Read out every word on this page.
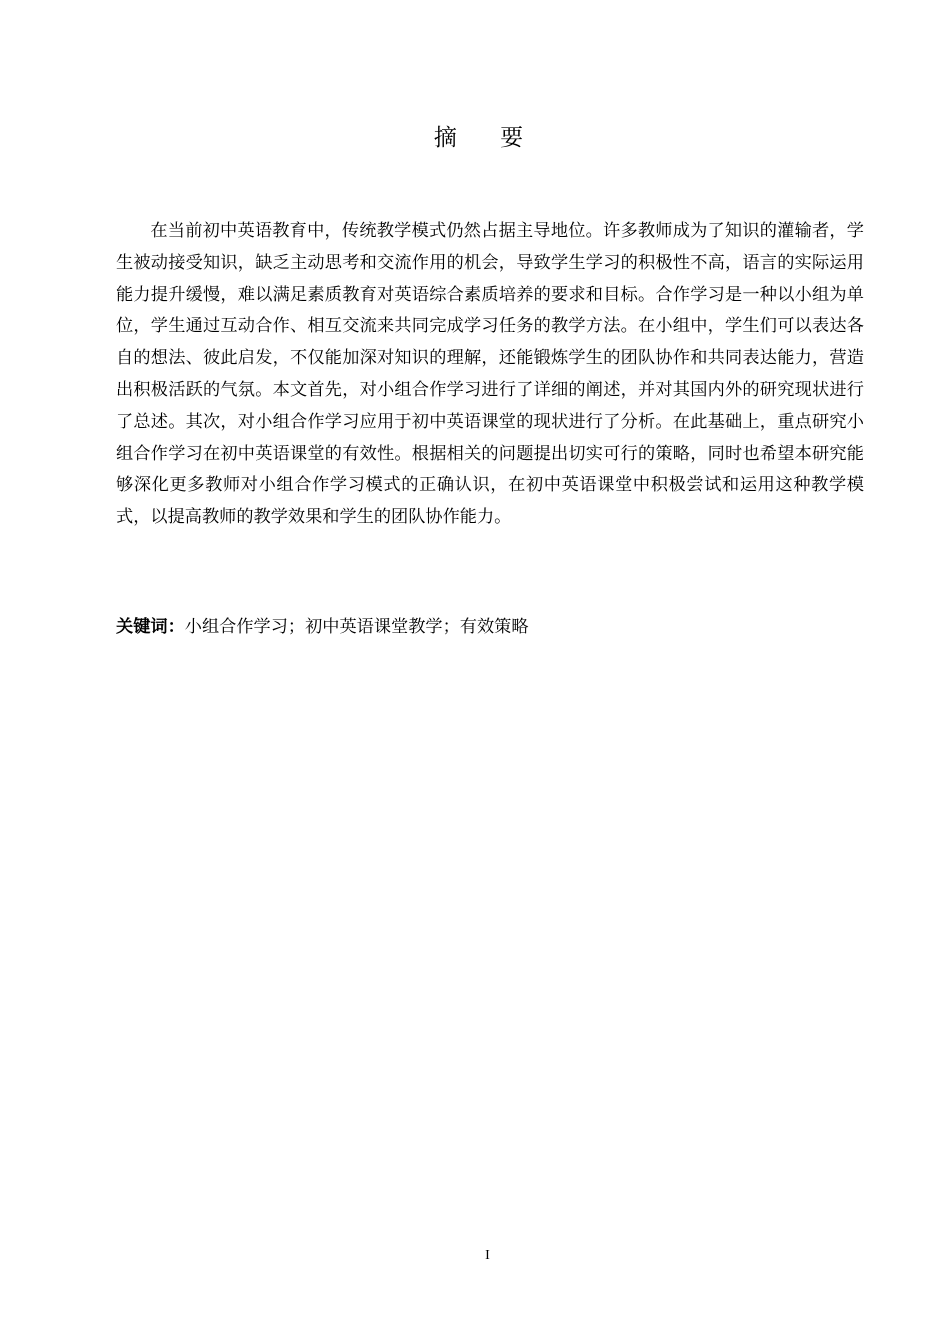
摘 要

在当前初中英语教育中，传统教学模式仍然占据主导地位。许多教师成为了知识的灌输者，学生被动接受知识，缺乏主动思考和交流作用的机会，导致学生学习的积极性不高，语言的实际运用能力提升缓慢，难以满足素质教育对英语综合素质培养的要求和目标。合作学习是一种以小组为单位，学生通过互动合作、相互交流来共同完成学习任务的教学方法。在小组中，学生们可以表达各自的想法、彼此启发，不仅能加深对知识的理解，还能锻炼学生的团队协作和共同表达能力，营造出积极活跃的气氛。本文首先，对小组合作学习进行了详细的阐述，并对其国内外的研究现状进行了总述。其次，对小组合作学习应用于初中英语课堂的现状进行了分析。在此基础上，重点研究小组合作学习在初中英语课堂的有效性。根据相关的问题提出切实可行的策略，同时也希望本研究能够深化更多教师对小组合作学习模式的正确认识，在初中英语课堂中积极尝试和运用这种教学模式，以提高教师的教学效果和学生的团队协作能力。

关键词：小组合作学习；初中英语课堂教学；有效策略

I
